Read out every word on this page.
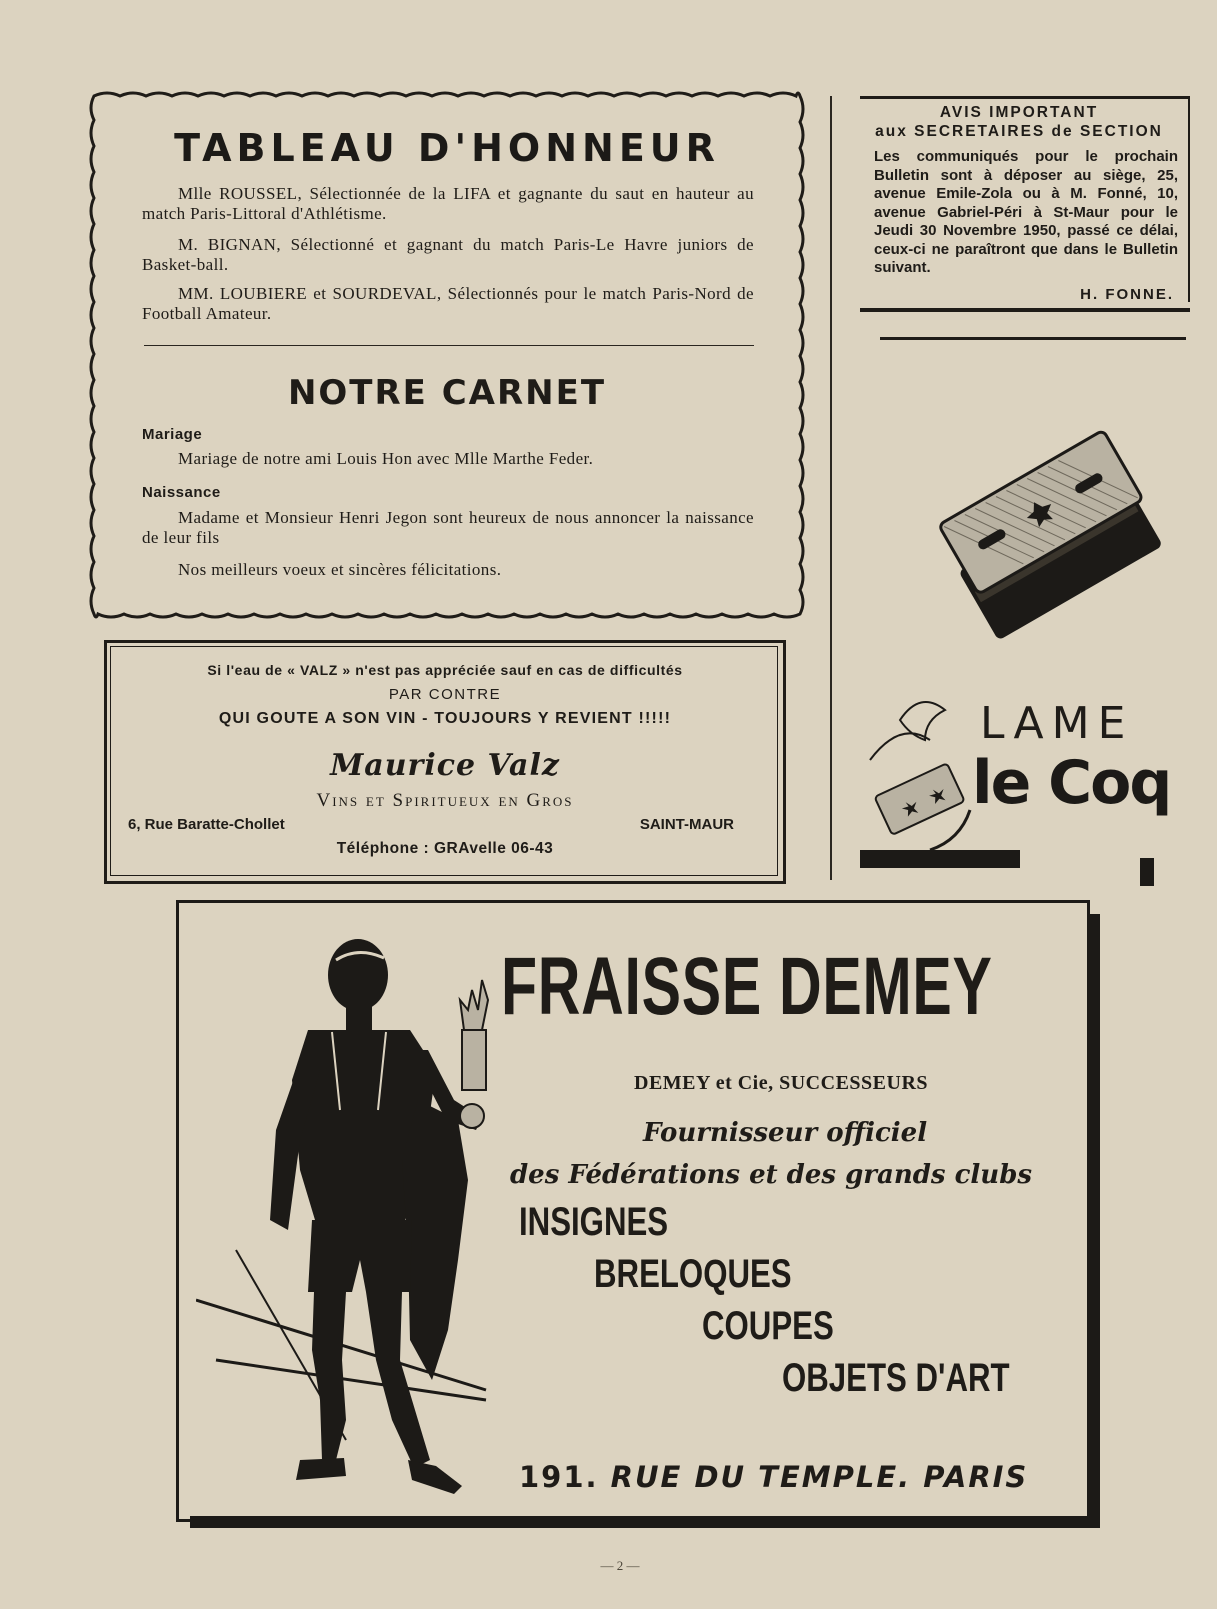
TABLEAU D'HONNEUR
Mlle ROUSSEL, Sélectionnée de la LIFA et gagnante du saut en hauteur au match Paris-Littoral d'Athlétisme.
M. BIGNAN, Sélectionné et gagnant du match Paris-Le Havre juniors de Basket-ball.
MM. LOUBIERE et SOURDEVAL, Sélectionnés pour le match Paris-Nord de Football Amateur.
NOTRE CARNET
Mariage
Mariage de notre ami Louis Hon avec Mlle Marthe Feder.
Naissance
Madame et Monsieur Henri Jegon sont heureux de nous annoncer la naissance de leur fils
Nos meilleurs voeux et sincères félicitations.
AVIS IMPORTANT
aux SECRETAIRES de SECTION
Les communiqués pour le prochain Bulletin sont à déposer au siège, 25, avenue Emile-Zola ou à M. Fonné, 10, avenue Gabriel-Péri à St-Maur pour le Jeudi 30 Novembre 1950, passé ce délai, ceux-ci ne paraîtront que dans le Bulletin suivant.
H. FONNE.
Si l'eau de « VALZ » n'est pas appréciée sauf en cas de difficultés
PAR CONTRE
QUI GOUTE A SON VIN - TOUJOURS Y REVIENT !!!!!
Maurice Valz
Vins et Spiritueux en Gros
6, Rue Baratte-Chollet	SAINT-MAUR
Téléphone : GRAvelle 06-43
LAME
le Coq
FRAISSE DEMEY
DEMEY et Cie, SUCCESSEURS
Fournisseur officiel
des Fédérations et des grands clubs
INSIGNES
BRELOQUES
COUPES
OBJETS D'ART
191. RUE DU TEMPLE. PARIS
— 2 —
